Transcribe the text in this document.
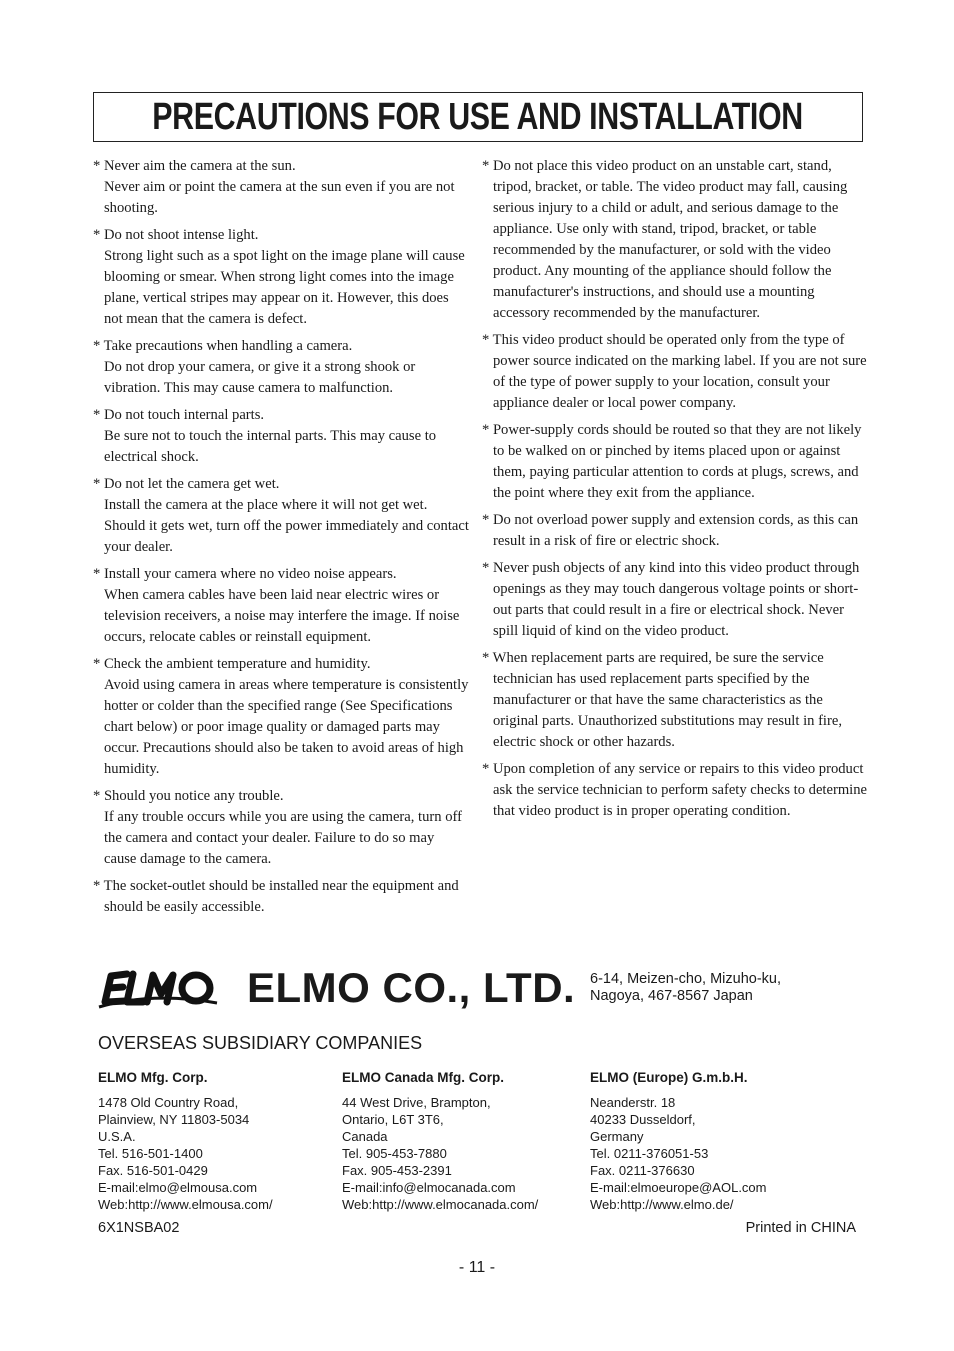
PRECAUTIONS FOR USE AND INSTALLATION
* Never aim the camera at the sun.
Never aim or point the camera at the sun even if you are not shooting.
* Do not shoot intense light.
Strong light such as a spot light on the image plane will cause blooming or smear. When strong light comes into the image plane, vertical stripes may appear on it. However, this does not mean that the camera is defect.
* Take precautions when handling a camera.
Do not drop your camera, or give it a strong shook or vibration. This may cause camera to malfunction.
* Do not touch internal parts.
Be sure not to touch the internal parts. This may cause to electrical shock.
* Do not let the camera get wet.
Install the camera at the place where it will not get wet. Should it gets wet, turn off the power immediately and contact your dealer.
* Install your camera where no video noise appears.
When camera cables have been laid near electric wires or television receivers, a noise may interfere the image. If noise occurs, relocate cables or reinstall equipment.
* Check the ambient temperature and humidity.
Avoid using camera in areas where temperature is consistently hotter or colder than the specified range (See Specifications chart below) or poor image quality or damaged parts may occur. Precautions should also be taken to avoid areas of high humidity.
* Should you notice any trouble.
If any trouble occurs while you are using the camera, turn off the camera and contact your dealer. Failure to do so may cause damage to the camera.
* The socket-outlet should be installed near the equipment and should be easily accessible.
* Do not place this video product on an unstable cart, stand, tripod, bracket, or table. The video product may fall, causing serious injury to a child or adult, and serious damage to the appliance. Use only with stand, tripod, bracket, or table recommended by the manufacturer, or sold with the video product. Any mounting of the appliance should follow the manufacturer's instructions, and should use a mounting accessory recommended by the manufacturer.
* This video product should be operated only from the type of power source indicated on the marking label. If you are not sure of the type of power supply to your location, consult your appliance dealer or local power company.
* Power-supply cords should be routed so that they are not likely to be walked on or pinched by items placed upon or against them, paying particular attention to cords at plugs, screws, and the point where they exit from the appliance.
* Do not overload power supply and extension cords, as this can result in a risk of fire or electric shock.
* Never push objects of any kind into this video product through openings as they may touch dangerous voltage points or short-out parts that could result in a fire or electrical shock. Never spill liquid of kind on the video product.
* When replacement parts are required, be sure the service technician has used replacement parts specified by the manufacturer or that have the same characteristics as the original parts. Unauthorized substitutions may result in fire, electric shock or other hazards.
* Upon completion of any service or repairs to this video product ask the service technician to perform safety checks to determine that video product is in proper operating condition.
ELMO CO., LTD. 6-14, Meizen-cho, Mizuho-ku,
Nagoya, 467-8567 Japan
OVERSEAS SUBSIDIARY COMPANIES
ELMO Mfg. Corp.
1478 Old Country Road,
Plainview, NY 11803-5034
U.S.A.
Tel. 516-501-1400
Fax. 516-501-0429
E-mail:elmo@elmousa.com
Web:http://www.elmousa.com/
ELMO Canada Mfg. Corp.
44 West Drive, Brampton,
Ontario, L6T 3T6,
Canada
Tel. 905-453-7880
Fax. 905-453-2391
E-mail:info@elmocanada.com
Web:http://www.elmocanada.com/
ELMO (Europe) G.m.b.H.
Neanderstr. 18
40233 Dusseldorf,
Germany
Tel. 0211-376051-53
Fax. 0211-376630
E-mail:elmoeurope@AOL.com
Web:http://www.elmo.de/
6X1NSBA02	Printed in CHINA
- 11 -
